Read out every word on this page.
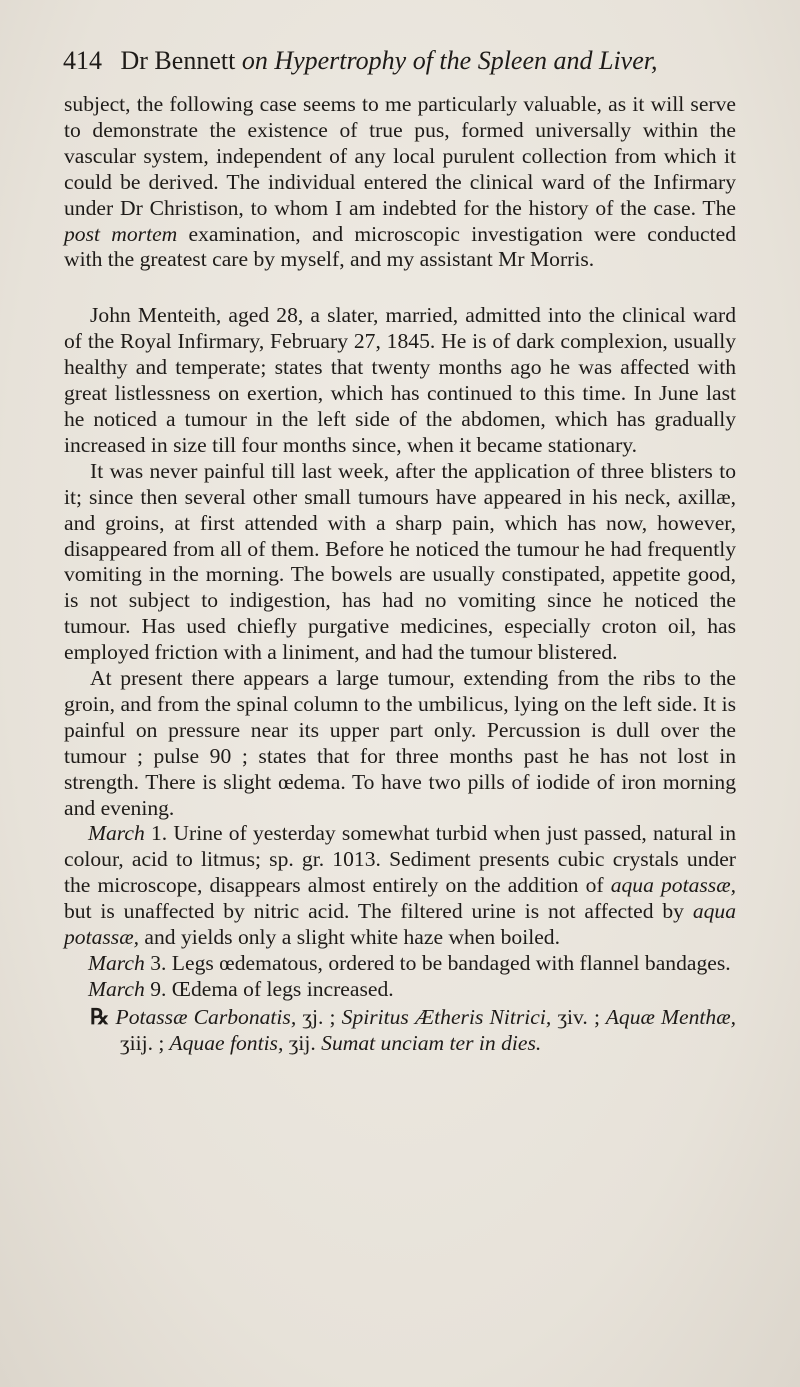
414 Dr Bennett on Hypertrophy of the Spleen and Liver,

subject, the following case seems to me particularly valuable, as it will serve to demonstrate the existence of true pus, formed universally within the vascular system, independent of any local purulent collection from which it could be derived. The individual entered the clinical ward of the Infirmary under Dr Christison, to whom I am indebted for the history of the case. The post mortem examination, and microscopic investigation were conducted with the greatest care by myself, and my assistant Mr Morris.

John Menteith, aged 28, a slater, married, admitted into the clinical ward of the Royal Infirmary, February 27, 1845. He is of dark complexion, usually healthy and temperate; states that twenty months ago he was affected with great listlessness on exertion, which has continued to this time. In June last he noticed a tumour in the left side of the abdomen, which has gradually increased in size till four months since, when it became stationary.

It was never painful till last week, after the application of three blisters to it; since then several other small tumours have appeared in his neck, axillæ, and groins, at first attended with a sharp pain, which has now, however, disappeared from all of them. Before he noticed the tumour he had frequently vomiting in the morning. The bowels are usually constipated, appetite good, is not subject to indigestion, has had no vomiting since he noticed the tumour. Has used chiefly purgative medicines, especially croton oil, has employed friction with a liniment, and had the tumour blistered.

At present there appears a large tumour, extending from the ribs to the groin, and from the spinal column to the umbilicus, lying on the left side. It is painful on pressure near its upper part only. Percussion is dull over the tumour ; pulse 90 ; states that for three months past he has not lost in strength. There is slight œdema. To have two pills of iodide of iron morning and evening.

March 1. Urine of yesterday somewhat turbid when just passed, natural in colour, acid to litmus; sp. gr. 1013. Sediment presents cubic crystals under the microscope, disappears almost entirely on the addition of aqua potassæ, but is unaffected by nitric acid. The filtered urine is not affected by aqua potassæ, and yields only a slight white haze when boiled.

March 3. Legs œdematous, ordered to be bandaged with flannel bandages.

March 9. Œdema of legs increased.

℞ Potassæ Carbonatis, ʒj. ; Spiritus Ætheris Nitrici, ʒiv. ; Aquæ Menthæ, ʒiij. ; Aquae fontis, ʒij. Sumat unciam ter in dies.
